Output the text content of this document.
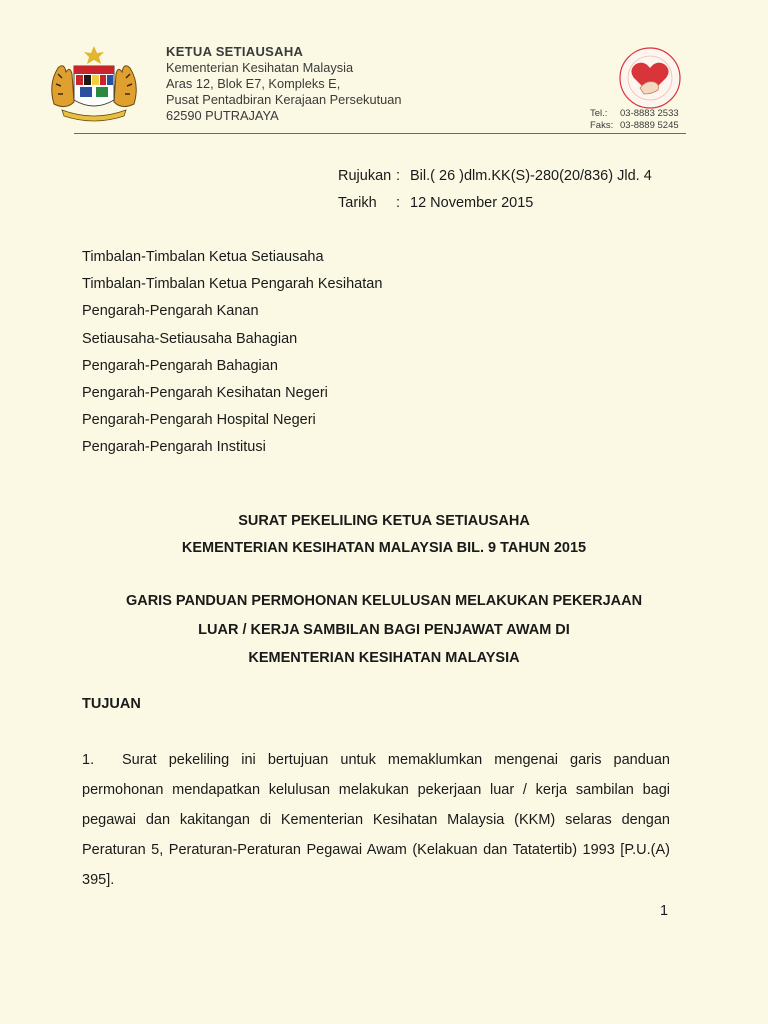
KETUA SETIAUSAHA
Kementerian Kesihatan Malaysia
Aras 12, Blok E7, Kompleks E,
Pusat Pentadbiran Kerajaan Persekutuan
62590 PUTRAJAYA	Tel.:	03-8883 2533
Faks: 03-8889 5245
Rujukan : Bil.( 26 )dlm.KK(S)-280(20/836) Jld. 4
Tarikh	: 12 November 2015
Timbalan-Timbalan Ketua Setiausaha
Timbalan-Timbalan Ketua Pengarah Kesihatan
Pengarah-Pengarah Kanan
Setiausaha-Setiausaha Bahagian
Pengarah-Pengarah Bahagian
Pengarah-Pengarah Kesihatan Negeri
Pengarah-Pengarah Hospital Negeri
Pengarah-Pengarah Institusi
SURAT PEKELILING KETUA SETIAUSAHA
KEMENTERIAN KESIHATAN MALAYSIA BIL. 9 TAHUN 2015
GARIS PANDUAN PERMOHONAN KELULUSAN MELAKUKAN PEKERJAAN
LUAR / KERJA SAMBILAN BAGI PENJAWAT AWAM DI
KEMENTERIAN KESIHATAN MALAYSIA
TUJUAN
1. Surat pekeliling ini bertujuan untuk memaklumkan mengenai garis panduan permohonan mendapatkan kelulusan melakukan pekerjaan luar / kerja sambilan bagi pegawai dan kakitangan di Kementerian Kesihatan Malaysia (KKM) selaras dengan Peraturan 5, Peraturan-Peraturan Pegawai Awam (Kelakuan dan Tatatertib) 1993 [P.U.(A) 395].
1
